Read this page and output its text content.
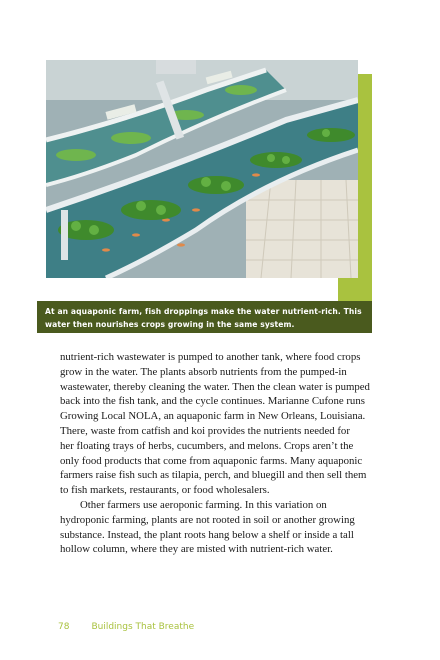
At an aquaponic farm, fish droppings make the water nutrient-rich. This
water then nourishes crops growing in the same system.

nutrient-rich wastewater is pumped to another tank, where food crops
grow in the water. The plants absorb nutrients from the pumped-in
wastewater, thereby cleaning the water. Then the clean water is pumped
back into the fish tank, and the cycle continues. Marianne Cufone runs
Growing Local NOLA, an aquaponic farm in New Orleans, Louisiana.
There, waste from catfish and koi provides the nutrients needed for
her floating trays of herbs, cucumbers, and melons. Crops aren’t the
only food products that come from aquaponic farms. Many aquaponic
farmers raise fish such as tilapia, perch, and bluegill and then sell them
to fish markets, restaurants, or food wholesalers.

Other farmers use aeroponic farming. In this variation on
hydroponic farming, plants are not rooted in soil or another growing
substance. Instead, the plant roots hang below a shelf or inside a tall
hollow column, where they are misted with nutrient-rich water.

78 Buildings That Breathe
